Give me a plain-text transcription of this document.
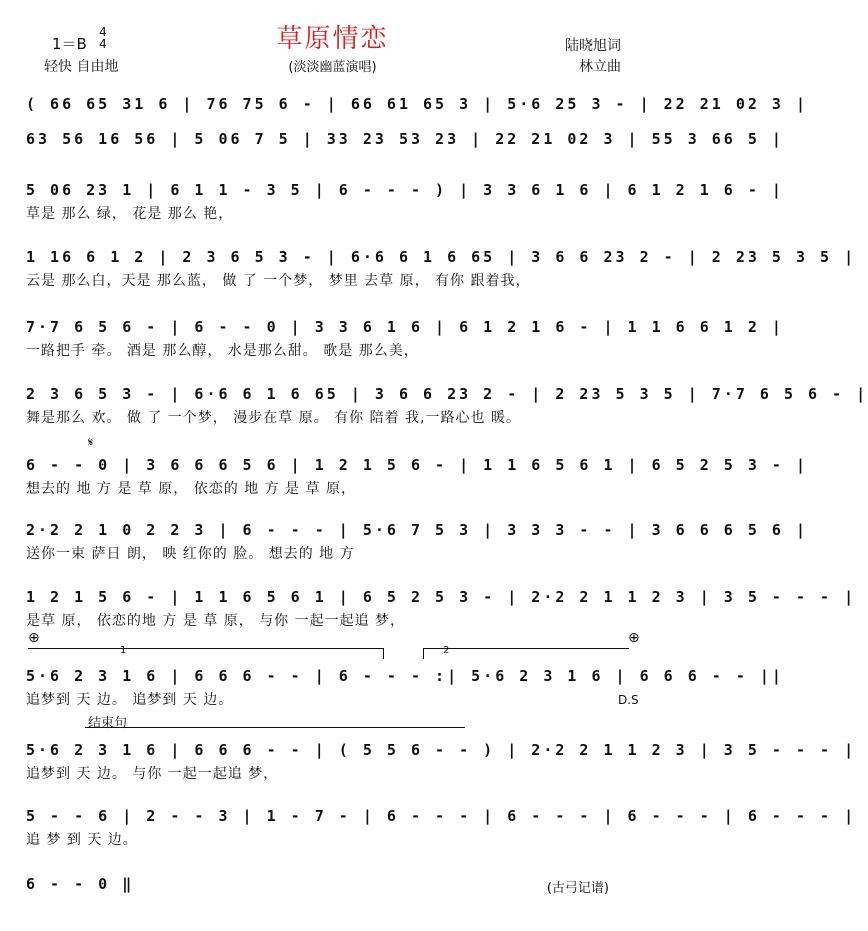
草原情恋
1＝B
4
4
轻快 自由地	(淡淡幽蓝演唱)
陆晓旭词
林立曲
( 66 65 31 6 | 76 75 6 - | 66 61 65 3 | 5·6 25 3 - | 22 21 02 3 |
63 56 16 56 | 5 06 7 5 | 33 23 53 23 | 22 21 02 3 | 55 3 66 5 |
5 06 23 1 | 6 1 1 - 3 5 | 6 - - - ) | 3 3 6 1 6 | 6 1 2 1 6 - |
草是 那么 绿， 花是 那么 艳，
1 16 6 1 2 | 2 3 6 5 3 - | 6·6 6 1 6 65 | 3 6 6 23 2 - | 2 23 5 3 5 |
云是 那么白，天是 那么蓝， 做 了 一个梦， 梦里 去草 原， 有你 跟着我，
7·7 6 5 6 - | 6 - - 0 | 3 3 6 1 6 | 6 1 2 1 6 - | 1 1 6 6 1 2 |
一路把手 牵。 酒是 那么醇， 水是那么甜。 歌是 那么美，
2 3 6 5 3 - | 6·6 6 1 6 65 | 3 6 6 23 2 - | 2 23 5 3 5 | 7·7 6 5 6 - |
舞是那么 欢。 做 了 一个梦， 漫步在草 原。 有你 陪着 我,一路心也 暖。
6 - - 0 | 3 6 6 6 5 6 | 1 2 1 5 6 - | 1 1 6 5 6 1 | 6 5 2 5 3 - |
想去的 地 方 是 草 原， 依恋的 地 方 是 草 原，
2·2 2 1 0 2 2 3 | 6 - - - | 5·6 7 5 3 | 3 3 3 - - | 3 6 6 6 5 6 |
送你一束 萨日 朗， 映 红你的 脸。 想去的 地 方
1 2 1 5 6 - | 1 1 6 5 6 1 | 6 5 2 5 3 - | 2·2 2 1 1 2 3 | 3 5 - - - |
是草 原， 依恋的地 方 是 草 原， 与你 一起一起追 梦，
5·6 2 3 1 6 | 6 6 6 - - | 6 - - - :| 5·6 2 3 1 6 | 6 6 6 - - ||
追梦到 天 边。 追梦到 天 边。
5·6 2 3 1 6 | 6 6 6 - - | ( 5 5 6 - - ) | 2·2 2 1 1 2 3 | 3 5 - - - |
追梦到 天 边。 与你 一起一起追 梦，
5 - - 6 | 2 - - 3 | 1 - 7 - | 6 - - - | 6 - - - | 6 - - - | 6 - - - |
追 梦 到 天 边。
𝄋
⊕	⊕
1	2
D.S
结束句
6 - - 0 ‖	(古弓记谱)
